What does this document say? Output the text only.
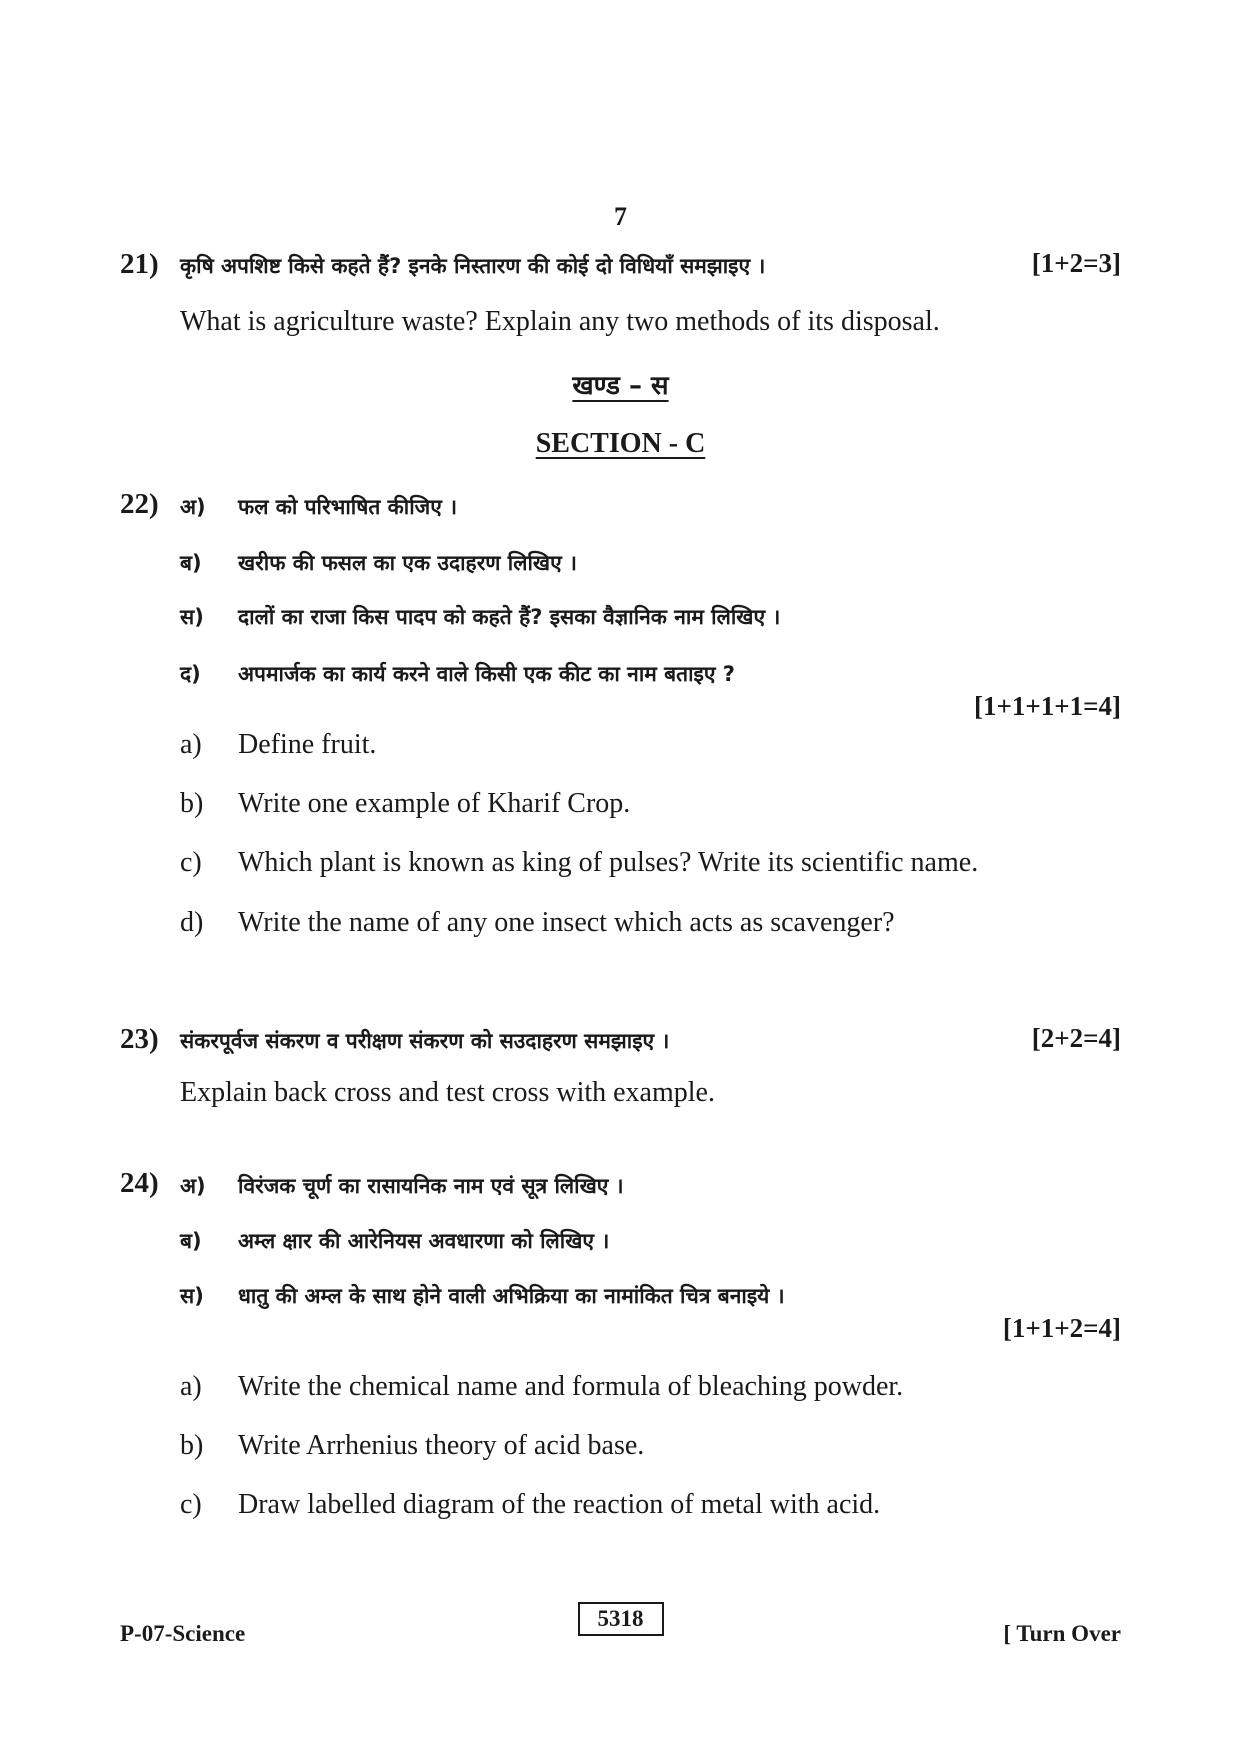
7
21) कृषि अपशिष्ट किसे कहते हैं? इनके निस्तारण की कोई दो विधियाँ समझाइए ।	[1+2=3]
What is agriculture waste? Explain any two methods of its disposal.
खण्ड – स
SECTION - C
22) अ) फल को परिभाषित कीजिए ।
ब) खरीफ की फसल का एक उदाहरण लिखिए ।
स) दालों का राजा किस पादप को कहते हैं? इसका वैज्ञानिक नाम लिखिए ।
द) अपमार्जक का कार्य करने वाले किसी एक कीट का नाम बताइए ?
[1+1+1+1=4]
a) Define fruit.
b) Write one example of Kharif Crop.
c) Which plant is known as king of pulses? Write its scientific name.
d) Write the name of any one insect which acts as scavenger?
23) संकरपूर्वज संकरण व परीक्षण संकरण को सउदाहरण समझाइए ।	[2+2=4]
Explain back cross and test cross with example.
24) अ) विरंजक चूर्ण का रासायनिक नाम एवं सूत्र लिखिए ।
ब) अम्ल क्षार की आरेनियस अवधारणा को लिखिए ।
स) धातु की अम्ल के साथ होने वाली अभिक्रिया का नामांकित चित्र बनाइये ।
[1+1+2=4]
a) Write the chemical name and formula of bleaching powder.
b) Write Arrhenius theory of acid base.
c) Draw labelled diagram of the reaction of metal with acid.
P-07-Science
5318
[ Turn Over
